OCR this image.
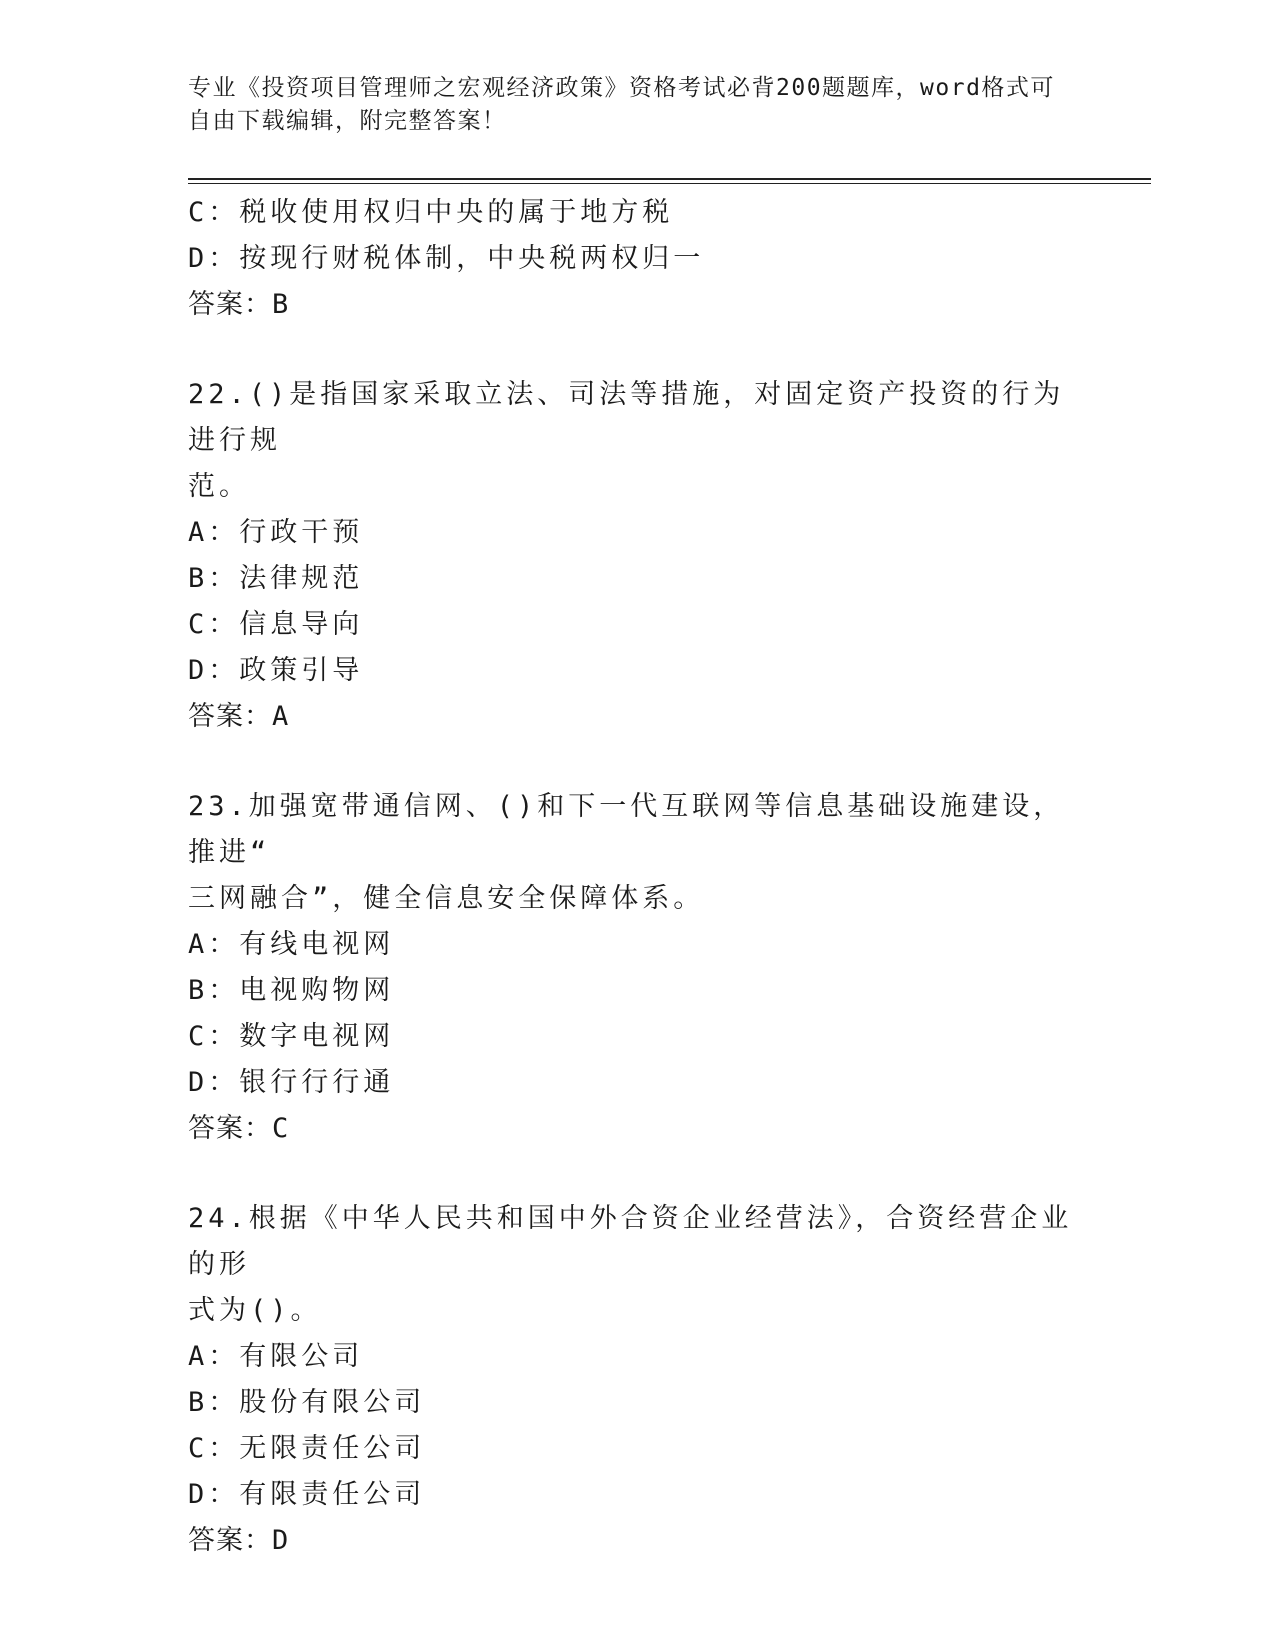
专业《投资项目管理师之宏观经济政策》资格考试必背200题题库，word格式可
自由下载编辑，附完整答案！
C：税收使用权归中央的属于地方税
D：按现行财税体制，中央税两权归一
答案：B
22.()是指国家采取立法、司法等措施，对固定资产投资的行为进行规
范。
A：行政干预
B：法律规范
C：信息导向
D：政策引导
答案：A
23.加强宽带通信网、()和下一代互联网等信息基础设施建设，推进“
三网融合”，健全信息安全保障体系。
A：有线电视网
B：电视购物网
C：数字电视网
D：银行行行通
答案：C
24.根据《中华人民共和国中外合资企业经营法》，合资经营企业的形
式为()。
A：有限公司
B：股份有限公司
C：无限责任公司
D：有限责任公司
答案：D
